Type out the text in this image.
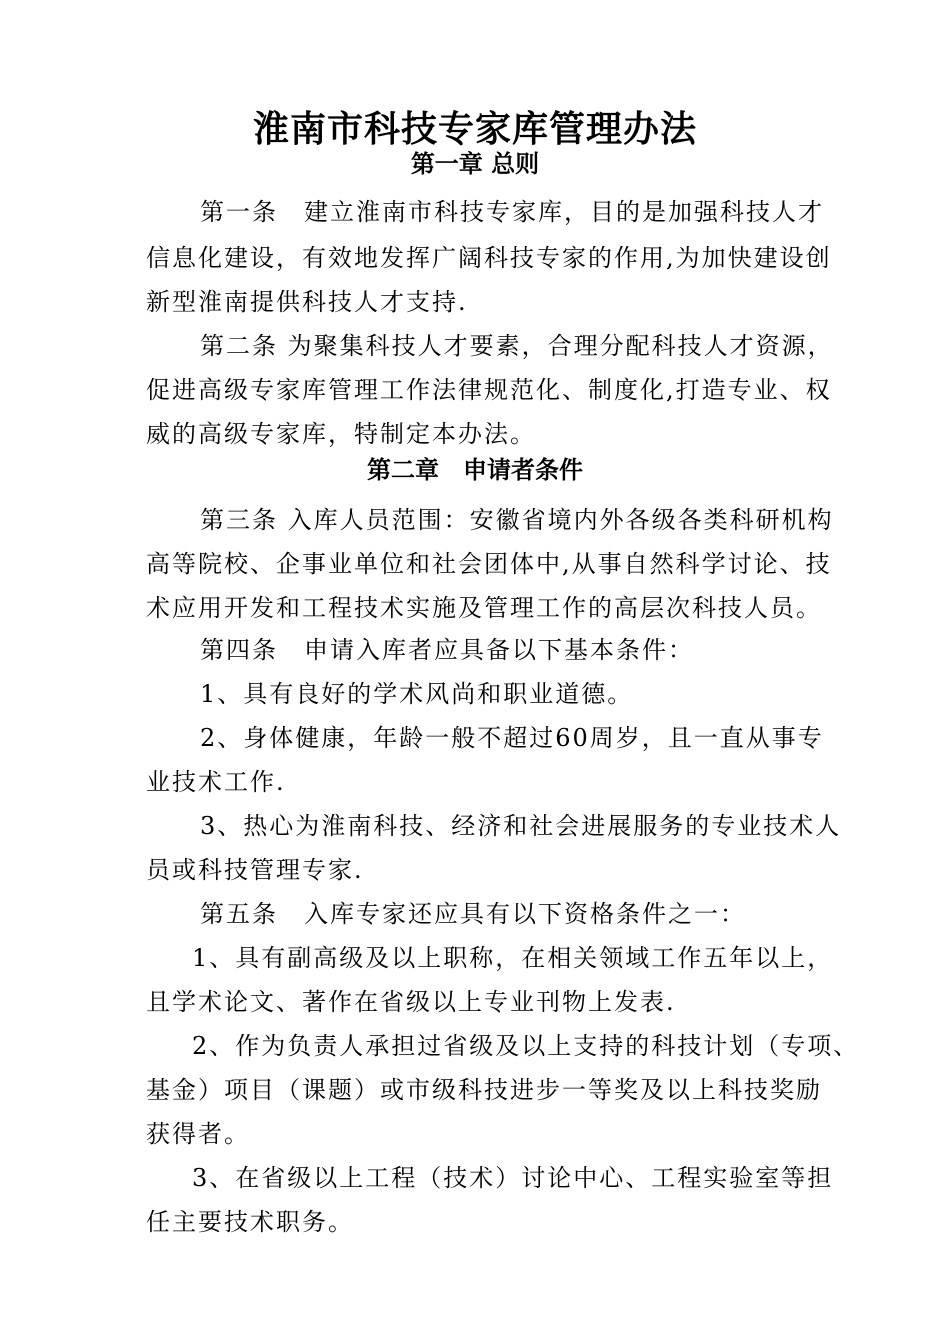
淮南市科技专家库管理办法
第一章 总则
第一条　建立淮南市科技专家库，目的是加强科技人才
信息化建设，有效地发挥广阔科技专家的作用,为加快建设创
新型淮南提供科技人才支持.
第二条 为聚集科技人才要素，合理分配科技人才资源，
促进高级专家库管理工作法律规范化、制度化,打造专业、权
威的高级专家库，特制定本办法。
第二章　申请者条件
第三条 入库人员范围：安徽省境内外各级各类科研机构
高等院校、企事业单位和社会团体中,从事自然科学讨论、技
术应用开发和工程技术实施及管理工作的高层次科技人员。
第四条　申请入库者应具备以下基本条件：
1、具有良好的学术风尚和职业道德。
2、身体健康，年龄一般不超过60周岁，且一直从事专
业技术工作.
3、热心为淮南科技、经济和社会进展服务的专业技术人
员或科技管理专家.
第五条　入库专家还应具有以下资格条件之一：
1、具有副高级及以上职称，在相关领域工作五年以上，
且学术论文、著作在省级以上专业刊物上发表.
2、作为负责人承担过省级及以上支持的科技计划（专项、
基金）项目（课题）或市级科技进步一等奖及以上科技奖励
获得者。
3、在省级以上工程（技术）讨论中心、工程实验室等担
任主要技术职务。
